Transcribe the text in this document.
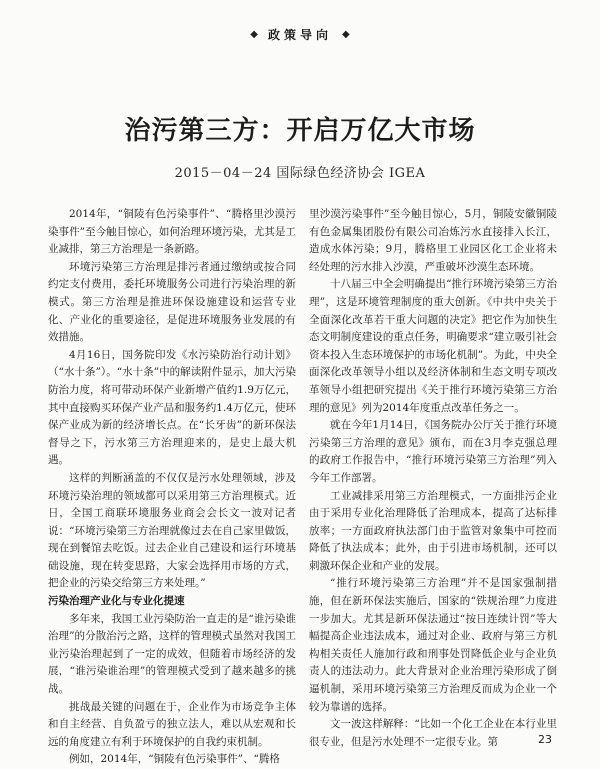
◆ 政策导向 ◆
治污第三方：开启万亿大市场
2015－04－24 国际绿色经济协会 IGEA

2014年，“铜陵有色污染事件”、“腾格里沙漠污染事件”至今触目惊心，如何治理环境污染，尤其是工业减排，第三方治理是一条新路。

环境污染第三方治理是排污者通过缴纳或按合同约定支付费用，委托环境服务公司进行污染治理的新模式。第三方治理是推进环保设施建设和运营专业化、产业化的重要途径，是促进环境服务业发展的有效措施。

4月16日，国务院印发《水污染防治行动计划》（“水十条”）。“水十条”中的解读附件显示，加大污染防治力度，将可带动环保产业新增产值约1.9万亿元，其中直接购买环保产业产品和服务约1.4万亿元，使环保产业成为新的经济增长点。在“长牙齿”的新环保法督导之下，污水第三方治理迎来的，是史上最大机遇。

这样的判断涵盖的不仅仅是污水处理领域，涉及环境污染治理的领域都可以采用第三方治理模式。近日，全国工商联环境服务业商会会长文一波对记者说：“环境污染第三方治理就像过去在自己家里做饭，现在到餐馆去吃饭。过去企业自己建设和运行环境基础设施，现在转变思路，大家会选择用市场的方式，把企业的污染交给第三方来处理。”

污染治理产业化与专业化提速

多年来，我国工业污染防治一直走的是“谁污染谁治理”的分散治污之路，这样的管理模式虽然对我国工业污染治理起到了一定的成效，但随着市场经济的发展，“谁污染谁治理”的管理模式受到了越来越多的挑战。

挑战最关键的问题在于，企业作为市场竞争主体和自主经营、自负盈亏的独立法人，难以从宏观和长远的角度建立有利于环境保护的自我约束机制。

例如，2014年，“铜陵有色污染事件”、“腾格

里沙漠污染事件”至今触目惊心，5月，铜陵安徽铜陵有色金属集团股份有限公司冶炼污水直接排入长江，造成水体污染；9月，腾格里工业园区化工企业将未经处理的污水排入沙漠，严重破坏沙漠生态环境。

十八届三中全会明确提出“推行环境污染第三方治理”，这是环境管理制度的重大创新。《中共中央关于全面深化改革若干重大问题的决定》把它作为加快生态文明制度建设的重点任务，明确要求“建立吸引社会资本投入生态环境保护的市场化机制”。为此，中央全面深化改革领导小组以及经济体制和生态文明专项改革领导小组把研究提出《关于推行环境污染第三方治理的意见》列为2014年度重点改革任务之一。

就在今年1月14日，《国务院办公厅关于推行环境污染第三方治理的意见》颁布，而在3月李克强总理的政府工作报告中，“推行环境污染第三方治理”列入今年工作部署。

工业减排采用第三方治理模式，一方面排污企业由于采用专业化治理降低了治理成本，提高了达标排放率；一方面政府执法部门由于监管对象集中可控而降低了执法成本；此外，由于引进市场机制，还可以刺激环保企业和产业的发展。

“推行环境污染第三方治理”并不是国家强制措施，但在新环保法实施后，国家的“铁规治理”力度进一步加大。尤其是新环保法通过“按日连续计罚”等大幅提高企业违法成本，通过对企业、政府与第三方机构相关责任人施加行政和刑事处罚降低企业与企业负责人的违法动力。此大背景对企业治理污染形成了倒逼机制，采用环境污染第三方治理反而成为企业一个较为靠谱的选择。

文一波这样解释：“比如一个化工企业在本行业里很专业，但是污水处理不一定很专业。第	23
